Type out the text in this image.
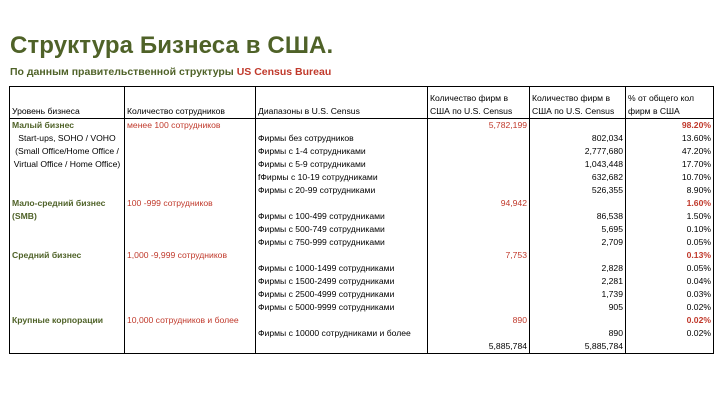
Структура Бизнеса в США.
По данным правительственной структуры US Census Bureau
Уровень бизнеса	Количество сотрудников	Диапазоны в U.S. Census	Количество фирм в США по U.S. Census	Количество фирм в США по U.S. Census	% от общего кол фирм в США
Малый бизнес	менее 100 сотрудников		5,782,199		98.20%
Start-ups, SOHO / VOHO (Small Office/Home Office / Virtual Office / Home Office)		Фирмы без сотрудников		802,034	13.60%
		Фирмы с 1-4 сотрудниками		2,777,680	47.20%
		Фирмы с 5-9 сотрудниками		1,043,448	17.70%
		fФирмы с 10-19 сотрудниками		632,682	10.70%
		Фирмы с 20-99 сотрудниками		526,355	8.90%
Мало-средний бизнес (SMB)	100 -999 сотрудников		94,942		1.60%
		Фирмы с 100-499 сотрудниками		86,538	1.50%
		Фирмы с 500-749 сотрудниками		5,695	0.10%
		Фирмы с 750-999 сотрудниками		2,709	0.05%
Средний бизнес	1,000 -9,999 сотрудников		7,753		0.13%
		Фирмы с 1000-1499 сотрудниками		2,828	0.05%
		Фирмы с 1500-2499 сотрудниками		2,281	0.04%
		Фирмы с 2500-4999 сотрудниками		1,739	0.03%
		Фирмы с 5000-9999 сотрудниками		905	0.02%
Крупные корпорации	10,000 сотрудников и более		890		0.02%
		Фирмы с 10000 сотрудниками и более		890	0.02%
			5,885,784	5,885,784	
